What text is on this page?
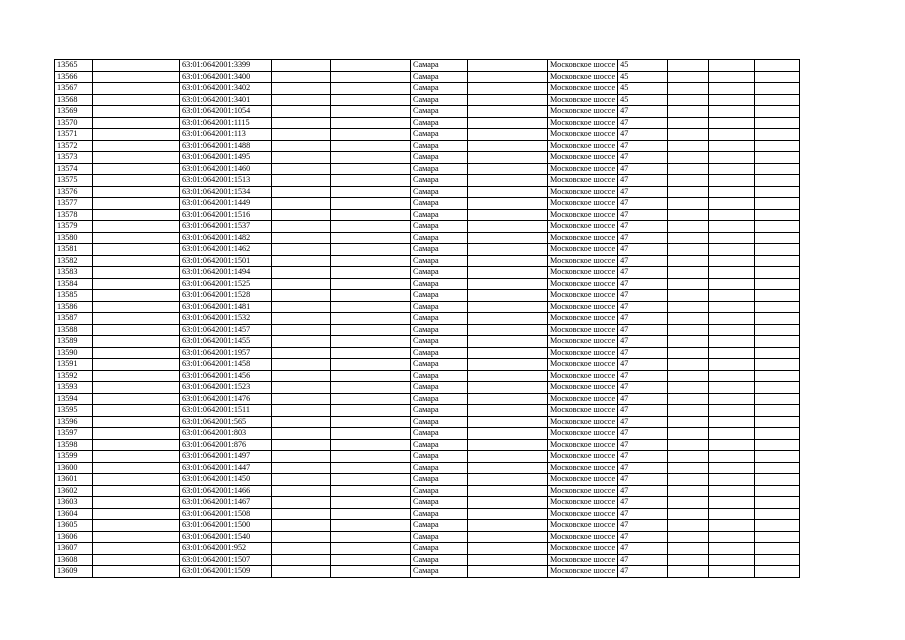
13565		63:01:0642001:3399			Самара		Московское шоссе	45			
13566		63:01:0642001:3400			Самара		Московское шоссе	45			
13567		63:01:0642001:3402			Самара		Московское шоссе	45			
13568		63:01:0642001:3401			Самара		Московское шоссе	45			
13569		63:01:0642001:1054			Самара		Московское шоссе	47			
13570		63:01:0642001:1115			Самара		Московское шоссе	47			
13571		63:01:0642001:113			Самара		Московское шоссе	47			
13572		63:01:0642001:1488			Самара		Московское шоссе	47			
13573		63:01:0642001:1495			Самара		Московское шоссе	47			
13574		63:01:0642001:1460			Самара		Московское шоссе	47			
13575		63:01:0642001:1513			Самара		Московское шоссе	47			
13576		63:01:0642001:1534			Самара		Московское шоссе	47			
13577		63:01:0642001:1449			Самара		Московское шоссе	47			
13578		63:01:0642001:1516			Самара		Московское шоссе	47			
13579		63:01:0642001:1537			Самара		Московское шоссе	47			
13580		63:01:0642001:1482			Самара		Московское шоссе	47			
13581		63:01:0642001:1462			Самара		Московское шоссе	47			
13582		63:01:0642001:1501			Самара		Московское шоссе	47			
13583		63:01:0642001:1494			Самара		Московское шоссе	47			
13584		63:01:0642001:1525			Самара		Московское шоссе	47			
13585		63:01:0642001:1528			Самара		Московское шоссе	47			
13586		63:01:0642001:1481			Самара		Московское шоссе	47			
13587		63:01:0642001:1532			Самара		Московское шоссе	47			
13588		63:01:0642001:1457			Самара		Московское шоссе	47			
13589		63:01:0642001:1455			Самара		Московское шоссе	47			
13590		63:01:0642001:1957			Самара		Московское шоссе	47			
13591		63:01:0642001:1458			Самара		Московское шоссе	47			
13592		63:01:0642001:1456			Самара		Московское шоссе	47			
13593		63:01:0642001:1523			Самара		Московское шоссе	47			
13594		63:01:0642001:1476			Самара		Московское шоссе	47			
13595		63:01:0642001:1511			Самара		Московское шоссе	47			
13596		63:01:0642001:565			Самара		Московское шоссе	47			
13597		63:01:0642001:803			Самара		Московское шоссе	47			
13598		63:01:0642001:876			Самара		Московское шоссе	47			
13599		63:01:0642001:1497			Самара		Московское шоссе	47			
13600		63:01:0642001:1447			Самара		Московское шоссе	47			
13601		63:01:0642001:1450			Самара		Московское шоссе	47			
13602		63:01:0642001:1466			Самара		Московское шоссе	47			
13603		63:01:0642001:1467			Самара		Московское шоссе	47			
13604		63:01:0642001:1508			Самара		Московское шоссе	47			
13605		63:01:0642001:1500			Самара		Московское шоссе	47			
13606		63:01:0642001:1540			Самара		Московское шоссе	47			
13607		63:01:0642001:952			Самара		Московское шоссе	47			
13608		63:01:0642001:1507			Самара		Московское шоссе	47			
13609		63:01:0642001:1509			Самара		Московское шоссе	47			
